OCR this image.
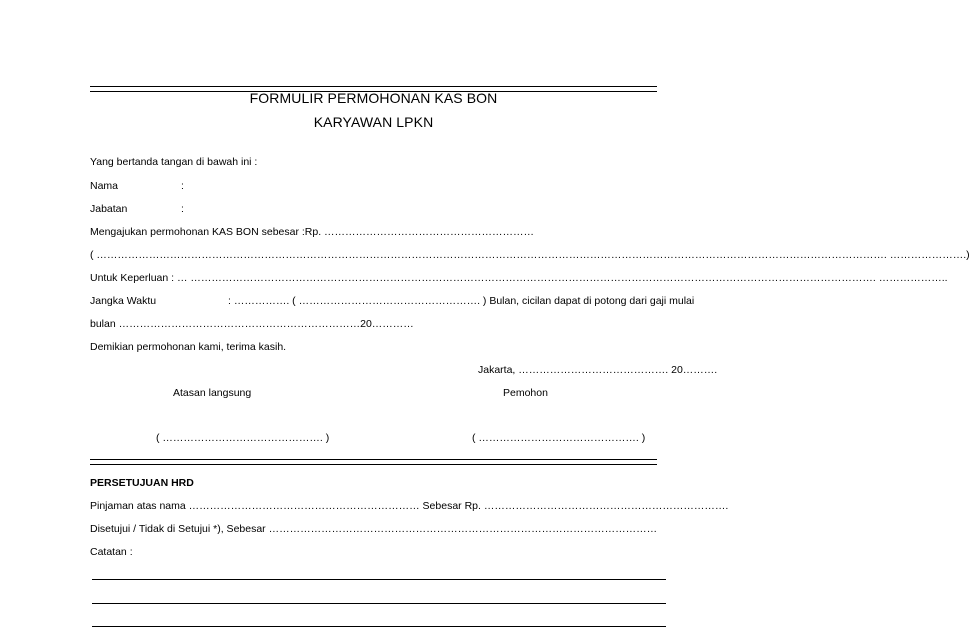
FORMULIR PERMOHONAN KAS BON
KARYAWAN LPKN
Yang bertanda tangan di bawah ini :
Nama	:
Jabatan	:
Mengajukan permohonan KAS BON sebesar :Rp. ……………………………………………………
( ………………………………………………………………………………………………………………………………………………………………………………………………………. ………………….)
Untuk Keperluan : … ……………………………………………………………………………………………………………………………………………………………………………. ………………..
Jangka Waktu	: ……………. ( ……………………………………………. ) Bulan, cicilan dapat di potong dari gaji mulai
bulan ……………………………………………………………20…………
Demikian permohonan kami, terima kasih.
Jakarta, ……………………………………. 20……….
Atasan langsung	Pemohon
( ………………………………………. )	( ………………………………………. )
PERSETUJUAN HRD
Pinjaman atas nama ………………………………………………………… Sebesar Rp. …………………………………………………………….
Disetujui / Tidak di Setujui *), Sebesar …………………………………………………………………………………………………
Catatan :
